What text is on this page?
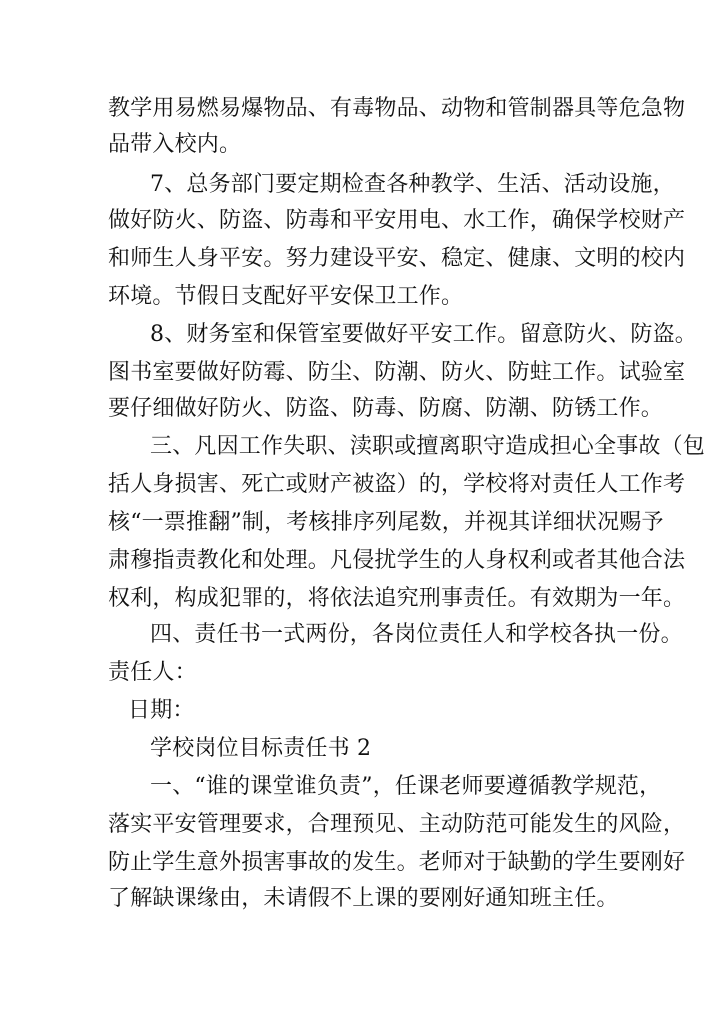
教学用易燃易爆物品、有毒物品、动物和管制器具等危急物
品带入校内。
7、总务部门要定期检查各种教学、生活、活动设施，
做好防火、防盗、防毒和平安用电、水工作，确保学校财产
和师生人身平安。努力建设平安、稳定、健康、文明的校内
环境。节假日支配好平安保卫工作。
8、财务室和保管室要做好平安工作。留意防火、防盗。
图书室要做好防霉、防尘、防潮、防火、防蛀工作。试验室
要仔细做好防火、防盗、防毒、防腐、防潮、防锈工作。
三、凡因工作失职、渎职或擅离职守造成担心全事故（包
括人身损害、死亡或财产被盗）的，学校将对责任人工作考
核“一票推翻”制，考核排序列尾数，并视其详细状况赐予
肃穆指责教化和处理。凡侵扰学生的人身权利或者其他合法
权利，构成犯罪的，将依法追究刑事责任。有效期为一年。
四、责任书一式两份，各岗位责任人和学校各执一份。
责任人：
日期：
学校岗位目标责任书 2
一、“谁的课堂谁负责”，任课老师要遵循教学规范，
落实平安管理要求，合理预见、主动防范可能发生的风险，
防止学生意外损害事故的发生。老师对于缺勤的学生要刚好
了解缺课缘由，未请假不上课的要刚好通知班主任。
